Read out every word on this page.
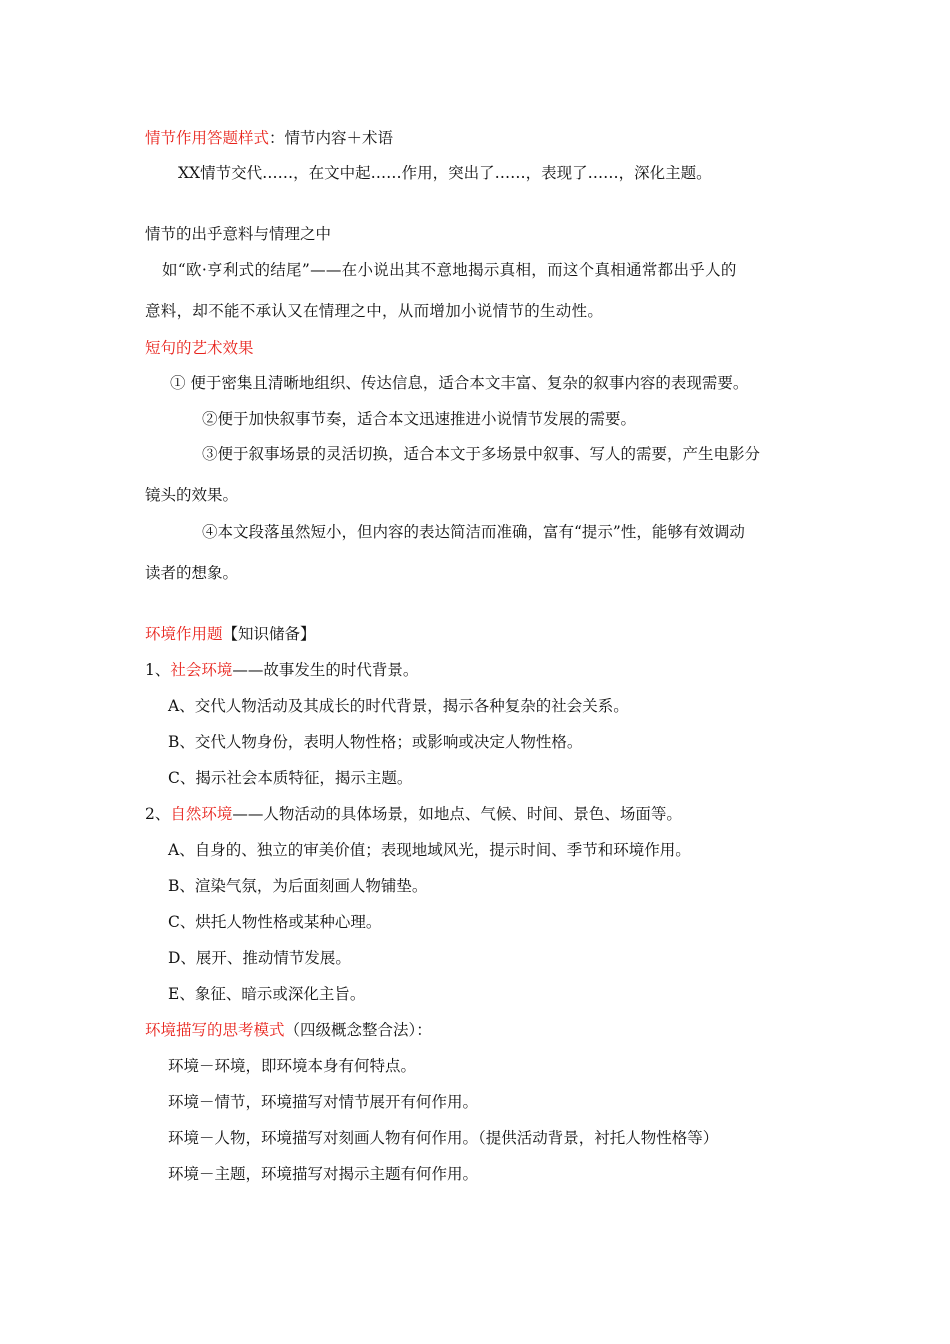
情节作用答题样式：情节内容＋术语
XX情节交代……，在文中起……作用，突出了……，表现了……，深化主题。
情节的出乎意料与情理之中
如“欧·亨利式的结尾”——在小说出其不意地揭示真相，而这个真相通常都出乎人的
意料，却不能不承认又在情理之中，从而增加小说情节的生动性。
短句的艺术效果
① 便于密集且清晰地组织、传达信息，适合本文丰富、复杂的叙事内容的表现需要。
②便于加快叙事节奏，适合本文迅速推进小说情节发展的需要。
③便于叙事场景的灵活切换，适合本文于多场景中叙事、写人的需要，产生电影分
镜头的效果。
④本文段落虽然短小，但内容的表达简洁而准确，富有“提示”性，能够有效调动
读者的想象。
环境作用题【知识储备】
1、社会环境——故事发生的时代背景。
A、交代人物活动及其成长的时代背景，揭示各种复杂的社会关系。
B、交代人物身份，表明人物性格；或影响或决定人物性格。
C、揭示社会本质特征，揭示主题。
2、自然环境——人物活动的具体场景，如地点、气候、时间、景色、场面等。
A、自身的、独立的审美价值；表现地域风光，提示时间、季节和环境作用。
B、渲染气氛，为后面刻画人物铺垫。
C、烘托人物性格或某种心理。
D、展开、推动情节发展。
E、象征、暗示或深化主旨。
环境描写的思考模式（四级概念整合法）：
环境－环境，即环境本身有何特点。
环境－情节，环境描写对情节展开有何作用。
环境－人物，环境描写对刻画人物有何作用。（提供活动背景，衬托人物性格等）
环境－主题，环境描写对揭示主题有何作用。
